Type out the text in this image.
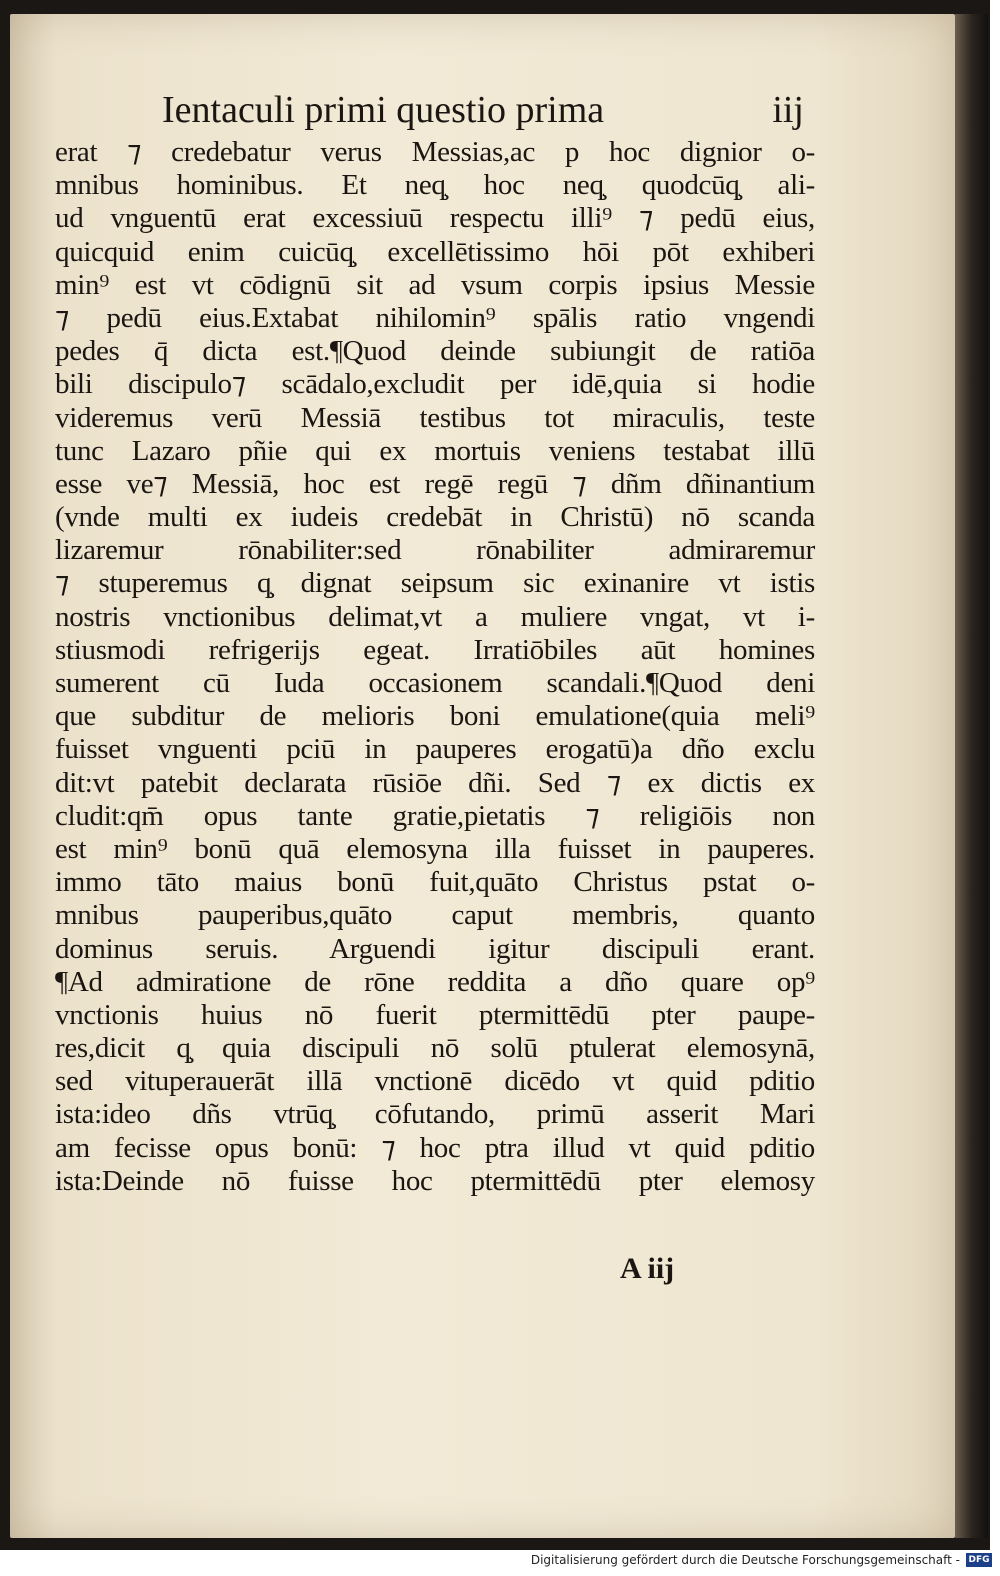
Ientaculi primi questio prima	iij
erat ⁊ credebatur verus Messias,ac p hoc dignior o-
mnibus hominibus. Et neq̧ hoc neq̧ quodcūq̧ ali-
ud vnguentū erat excessiuū respectu illi⁹ ⁊ pedū eius,
quicquid enim cuicūq̧ excellētissimo hōi pōt exhiberi
min⁹ est vt cōdignū sit ad vsum corpis ipsius Messie
⁊ pedū eius.Extabat nihilomin⁹ spālis ratio vngendi
pedes q̄ dicta est.¶Quod deinde subiungit de ratiōa
bili discipulo⁊ scādalo,excludit per idē,quia si hodie
videremus verū Messiā testibus tot miraculis, teste
tunc Lazaro pñie qui ex mortuis veniens testabat illū
esse ve⁊ Messiā, hoc est regē regū ⁊ dñm dñinantium
(vnde multi ex iudeis credebāt in Christū) nō scanda
lizaremur rōnabiliter:sed rōnabiliter admiraremur
⁊ stuperemus q̧ dignat seipsum sic exinanire vt istis
nostris vnctionibus delimat,vt a muliere vngat, vt i-
stiusmodi refrigerijs egeat. Irratiōbiles aūt homines
sumerent cū Iuda occasionem scandali.¶Quod deni
que subditur de melioris boni emulatione(quia meli⁹
fuisset vnguenti pciū in pauperes erogatū)a dño exclu
dit:vt patebit declarata rūsiōe dñi. Sed ⁊ ex dictis ex
cludit:qm̄ opus tante gratie,pietatis ⁊ religiōis non
est min⁹ bonū quā elemosyna illa fuisset in pauperes.
immo tāto maius bonū fuit,quāto Christus pstat o-
mnibus pauperibus,quāto caput membris, quanto
dominus seruis. Arguendi igitur discipuli erant.
¶Ad admiratione de rōne reddita a dño quare op⁹
vnctionis huius nō fuerit ptermittēdū pter paupe-
res,dicit q̧ quia discipuli nō solū ptulerat elemosynā,
sed vituperauerāt illā vnctionē dicēdo vt quid pditio
ista:ideo dñs vtrūq̧ cōfutando, primū asserit Mari
am fecisse opus bonū: ⁊ hoc ptra illud vt quid pditio
ista:Deinde nō fuisse hoc ptermittēdū pter elemosy
A iij
Digitalisierung gefördert durch die Deutsche Forschungsgemeinschaft - DFG
